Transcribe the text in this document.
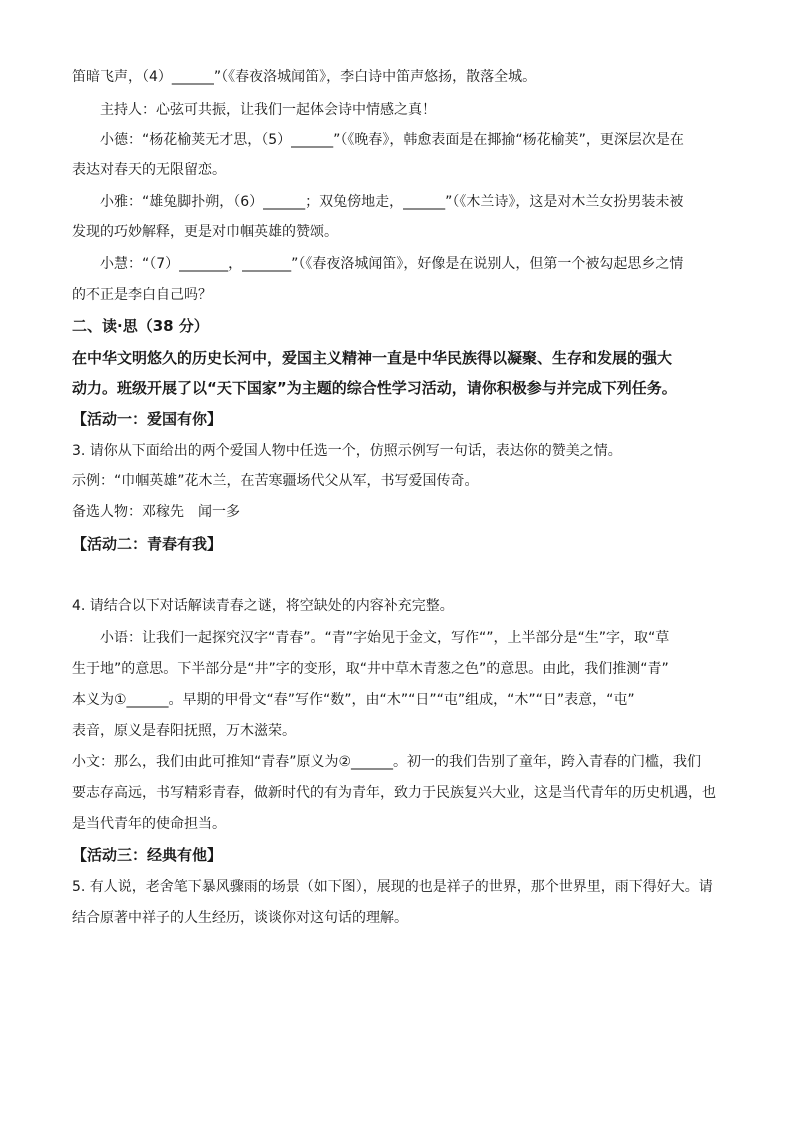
笛暗飞声，（4）______”（《春夜洛城闻笛》，李白诗中笛声悠扬，散落全城。

主持人：心弦可共振，让我们一起体会诗中情感之真！

小德：“杨花榆荚无才思，（5）______”（《晚春》，韩愈表面是在揶揄“杨花榆荚”，更深层次是在

表达对春天的无限留恋。

小雅：“雄兔脚扑朔，（6）______；双兔傍地走，______”（《木兰诗》，这是对木兰女扮男装未被

发现的巧妙解释，更是对巾帼英雄的赞颂。

小慧：“（7）_______，_______”（《春夜洛城闻笛》，好像是在说别人，但第一个被勾起思乡之情

的不正是李白自己吗？

二、读·思（38 分）

在中华文明悠久的历史长河中，爱国主义精神一直是中华民族得以凝聚、生存和发展的强大

动力。班级开展了以“天下国家”为主题的综合性学习活动，请你积极参与并完成下列任务。

【活动一：爱国有你】

3. 请你从下面给出的两个爱国人物中任选一个，仿照示例写一句话，表达你的赞美之情。

示例：“巾帼英雄”花木兰，在苦寒疆场代父从军，书写爱国传奇。

备选人物：邓稼先　闻一多

【活动二：青春有我】

4. 请结合以下对话解读青春之谜，将空缺处的内容补充完整。

小语：让我们一起探究汉字“青春”。“青”字始见于金文，写作“”，上半部分是“生”字，取“草

生于地”的意思。下半部分是“井”字的变形，取“井中草木青葱之色”的意思。由此，我们推测“青”

本义为①______。早期的甲骨文“春”写作“数”，由“木”“日”“屯”组成，“木”“日”表意，“屯”

表音，原义是春阳抚照，万木滋荣。

小文：那么，我们由此可推知“青春”原义为②______。初一的我们告别了童年，跨入青春的门槛，我们

要志存高远，书写精彩青春，做新时代的有为青年，致力于民族复兴大业，这是当代青年的历史机遇，也

是当代青年的使命担当。

【活动三：经典有他】

5. 有人说，老舍笔下暴风骤雨的场景（如下图），展现的也是祥子的世界，那个世界里，雨下得好大。请

结合原著中祥子的人生经历，谈谈你对这句话的理解。
